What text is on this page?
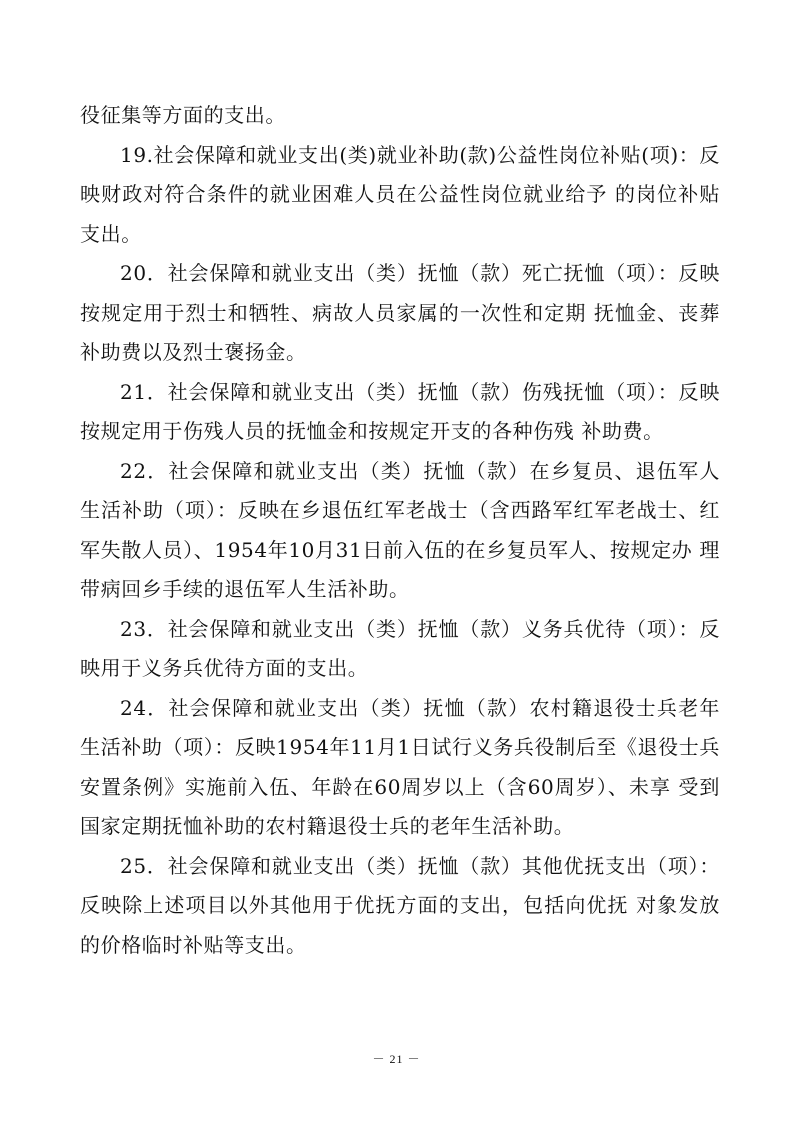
役征集等方面的支出。

19.社会保障和就业支出(类)就业补助(款)公益性岗位补贴(项)：反映财政对符合条件的就业困难人员在公益性岗位就业给予 的岗位补贴支出。

20．社会保障和就业支出（类）抚恤（款）死亡抚恤（项）：反映按规定用于烈士和牺牲、病故人员家属的一次性和定期 抚恤金、丧葬补助费以及烈士褒扬金。

21．社会保障和就业支出（类）抚恤（款）伤残抚恤（项）：反映按规定用于伤残人员的抚恤金和按规定开支的各种伤残 补助费。

22．社会保障和就业支出（类）抚恤（款）在乡复员、退伍军人生活补助（项）：反映在乡退伍红军老战士（含西路军红军老战士、红军失散人员）、1954年10月31日前入伍的在乡复员军人、按规定办 理带病回乡手续的退伍军人生活补助。

23．社会保障和就业支出（类）抚恤（款）义务兵优待（项）：反映用于义务兵优待方面的支出。

24．社会保障和就业支出（类）抚恤（款）农村籍退役士兵老年生活补助（项）：反映1954年11月1日试行义务兵役制后至《退役士兵安置条例》实施前入伍、年龄在60周岁以上（含60周岁）、未享 受到国家定期抚恤补助的农村籍退役士兵的老年生活补助。

25．社会保障和就业支出（类）抚恤（款）其他优抚支出（项）：反映除上述项目以外其他用于优抚方面的支出，包括向优抚 对象发放的价格临时补贴等支出。

－ 21 －
